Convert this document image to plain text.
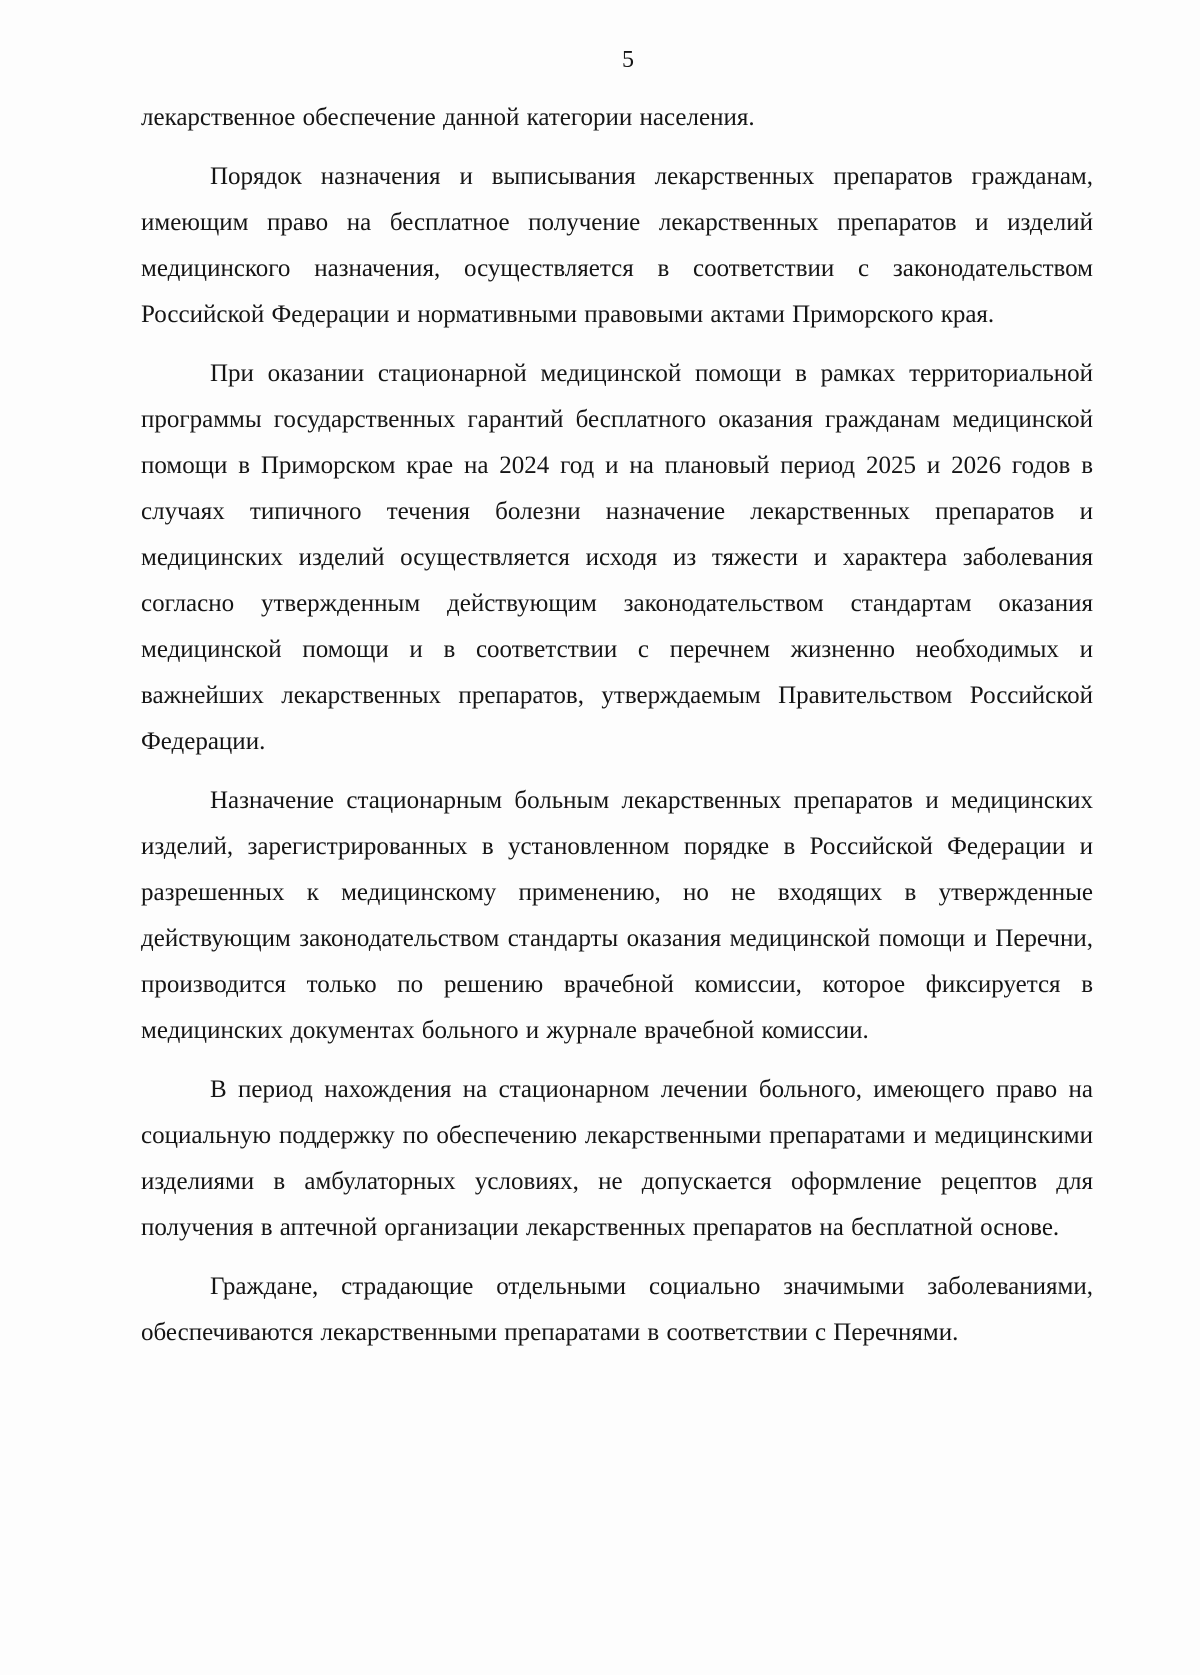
5

лекарственное обеспечение данной категории населения.

Порядок назначения и выписывания лекарственных препаратов гражданам, имеющим право на бесплатное получение лекарственных препаратов и изделий медицинского назначения, осуществляется в соответствии с законодательством Российской Федерации и нормативными правовыми актами Приморского края.

При оказании стационарной медицинской помощи в рамках территориальной программы государственных гарантий бесплатного оказания гражданам медицинской помощи в Приморском крае на 2024 год и на плановый период 2025 и 2026 годов в случаях типичного течения болезни назначение лекарственных препаратов и медицинских изделий осуществляется исходя из тяжести и характера заболевания согласно утвержденным действующим законодательством стандартам оказания медицинской помощи и в соответствии с перечнем жизненно необходимых и важнейших лекарственных препаратов, утверждаемым Правительством Российской Федерации.

Назначение стационарным больным лекарственных препаратов и медицинских изделий, зарегистрированных в установленном порядке в Российской Федерации и разрешенных к медицинскому применению, но не входящих в утвержденные действующим законодательством стандарты оказания медицинской помощи и Перечни, производится только по решению врачебной комиссии, которое фиксируется в медицинских документах больного и журнале врачебной комиссии.

В период нахождения на стационарном лечении больного, имеющего право на социальную поддержку по обеспечению лекарственными препаратами и медицинскими изделиями в амбулаторных условиях, не допускается оформление рецептов для получения в аптечной организации лекарственных препаратов на бесплатной основе.

Граждане, страдающие отдельными социально значимыми заболеваниями, обеспечиваются лекарственными препаратами в соответствии с Перечнями.
